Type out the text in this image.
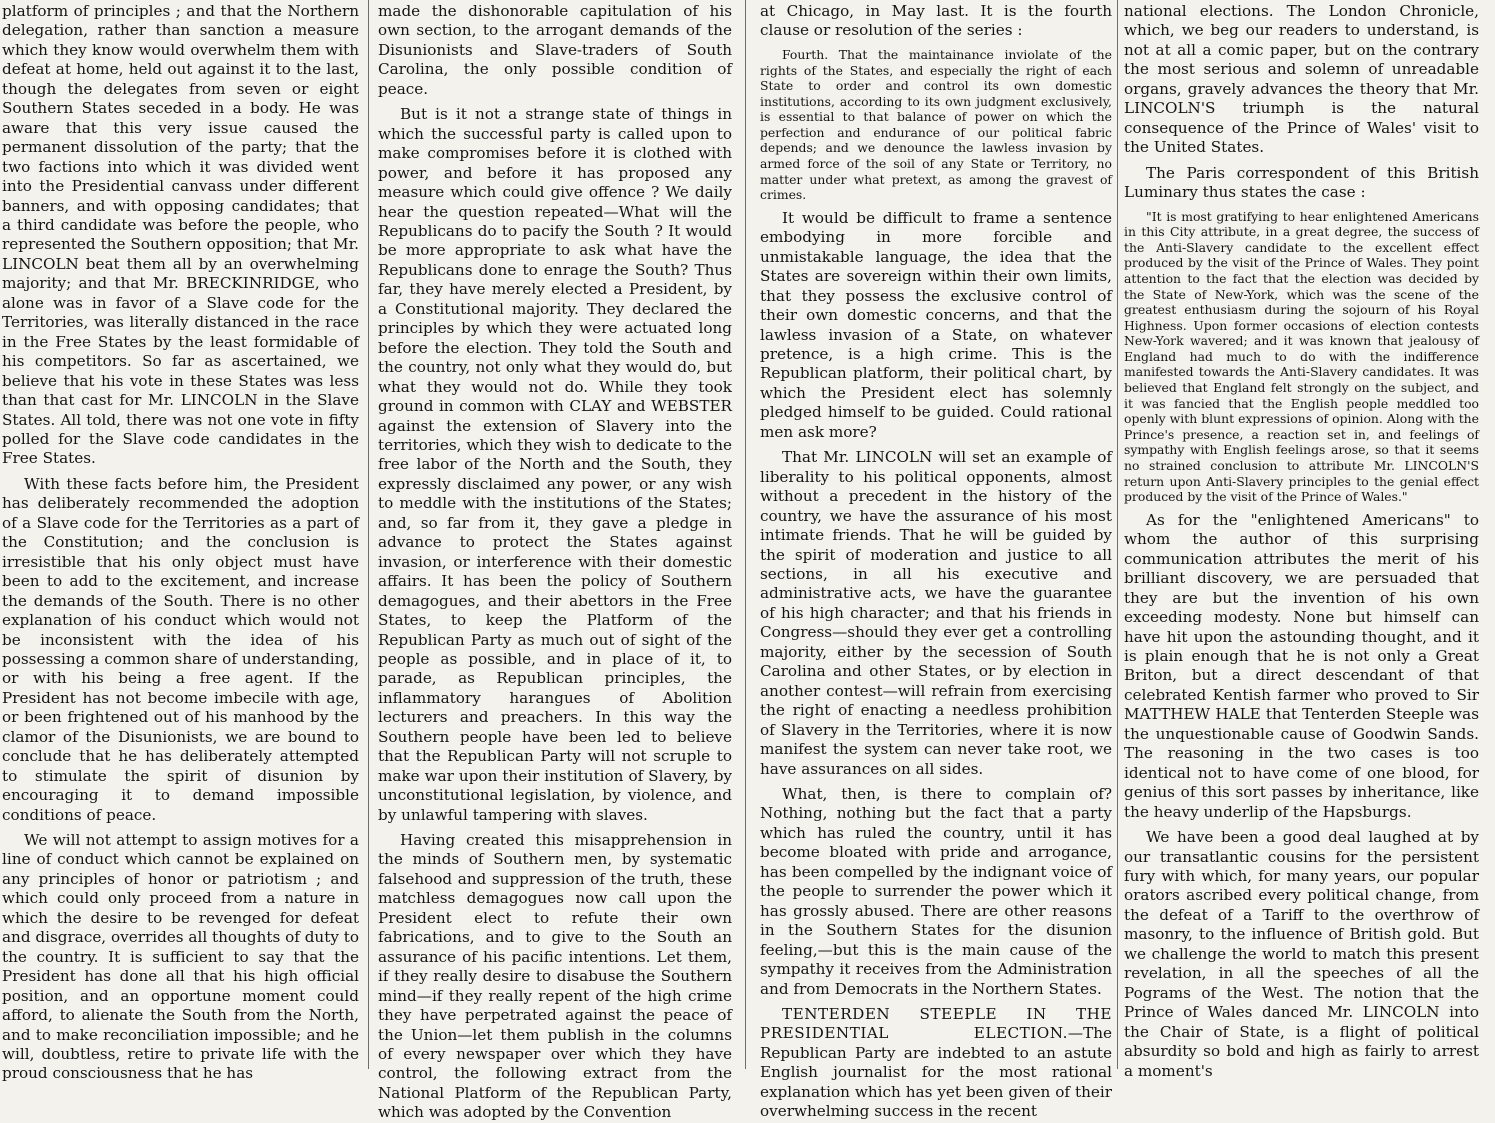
platform of principles ; and that the Northern delegation, rather than sanction a measure which they know would overwhelm them with defeat at home, held out against it to the last, though the delegates from seven or eight Southern States seceded in a body. He was aware that this very issue caused the permanent dissolution of the party; that the two factions into which it was divided went into the Presidential canvass under different banners, and with opposing candidates; that a third candidate was before the people, who represented the Southern opposition; that Mr. LINCOLN beat them all by an overwhelming majority; and that Mr. BRECKINRIDGE, who alone was in favor of a Slave code for the Territories, was literally distanced in the race in the Free States by the least formidable of his competitors. So far as ascertained, we believe that his vote in these States was less than that cast for Mr. LINCOLN in the Slave States. All told, there was not one vote in fifty polled for the Slave code candidates in the Free States.

With these facts before him, the President has deliberately recommended the adoption of a Slave code for the Territories as a part of the Constitution; and the conclusion is irresistible that his only object must have been to add to the excitement, and increase the demands of the South. There is no other explanation of his conduct which would not be inconsistent with the idea of his possessing a common share of understanding, or with his being a free agent. If the President has not become imbecile with age, or been frightened out of his manhood by the clamor of the Disunionists, we are bound to conclude that he has deliberately attempted to stimulate the spirit of disunion by encouraging it to demand impossible conditions of peace.

We will not attempt to assign motives for a line of conduct which cannot be explained on any principles of honor or patriotism ; and which could only proceed from a nature in which the desire to be revenged for defeat and disgrace, overrides all thoughts of duty to the country. It is sufficient to say that the President has done all that his high official position, and an opportune moment could afford, to alienate the South from the North, and to make reconciliation impossible; and he will, doubtless, retire to private life with the proud consciousness that he has

made the dishonorable capitulation of his own section, to the arrogant demands of the Disunionists and Slave-traders of South Carolina, the only possible condition of peace.

But is it not a strange state of things in which the successful party is called upon to make compromises before it is clothed with power, and before it has proposed any measure which could give offence ? We daily hear the question repeated—What will the Republicans do to pacify the South ? It would be more appropriate to ask what have the Republicans done to enrage the South? Thus far, they have merely elected a President, by a Constitutional majority. They declared the principles by which they were actuated long before the election. They told the South and the country, not only what they would do, but what they would not do. While they took ground in common with CLAY and WEBSTER against the extension of Slavery into the territories, which they wish to dedicate to the free labor of the North and the South, they expressly disclaimed any power, or any wish to meddle with the institutions of the States; and, so far from it, they gave a pledge in advance to protect the States against invasion, or interference with their domestic affairs. It has been the policy of Southern demagogues, and their abettors in the Free States, to keep the Platform of the Republican Party as much out of sight of the people as possible, and in place of it, to parade, as Republican principles, the inflammatory harangues of Abolition lecturers and preachers. In this way the Southern people have been led to believe that the Republican Party will not scruple to make war upon their institution of Slavery, by unconstitutional legislation, by violence, and by unlawful tampering with slaves.

Having created this misapprehension in the minds of Southern men, by systematic falsehood and suppression of the truth, these matchless demagogues now call upon the President elect to refute their own fabrications, and to give to the South an assurance of his pacific intentions. Let them, if they really desire to disabuse the Southern mind—if they really repent of the high crime they have perpetrated against the peace of the Union—let them publish in the columns of every newspaper over which they have control, the following extract from the National Platform of the Republican Party, which was adopted by the Convention

at Chicago, in May last. It is the fourth clause or resolution of the series :

Fourth. That the maintainance inviolate of the rights of the States, and especially the right of each State to order and control its own domestic institutions, according to its own judgment exclusively, is essential to that balance of power on which the perfection and endurance of our political fabric depends; and we denounce the lawless invasion by armed force of the soil of any State or Territory, no matter under what pretext, as among the gravest of crimes.

It would be difficult to frame a sentence embodying in more forcible and unmistakable language, the idea that the States are sovereign within their own limits, that they possess the exclusive control of their own domestic concerns, and that the lawless invasion of a State, on whatever pretence, is a high crime. This is the Republican platform, their political chart, by which the President elect has solemnly pledged himself to be guided. Could rational men ask more?

That Mr. LINCOLN will set an example of liberality to his political opponents, almost without a precedent in the history of the country, we have the assurance of his most intimate friends. That he will be guided by the spirit of moderation and justice to all sections, in all his executive and administrative acts, we have the guarantee of his high character; and that his friends in Congress—should they ever get a controlling majority, either by the secession of South Carolina and other States, or by election in another contest—will refrain from exercising the right of enacting a needless prohibition of Slavery in the Territories, where it is now manifest the system can never take root, we have assurances on all sides.

What, then, is there to complain of? Nothing, nothing but the fact that a party which has ruled the country, until it has become bloated with pride and arrogance, has been compelled by the indignant voice of the people to surrender the power which it has grossly abused. There are other reasons in the Southern States for the disunion feeling,—but this is the main cause of the sympathy it receives from the Administration and from Democrats in the Northern States.

TENTERDEN STEEPLE IN THE PRESIDENTIAL ELECTION.—The Republican Party are indebted to an astute English journalist for the most rational explanation which has yet been given of their overwhelming success in the recent

national elections. The London Chronicle, which, we beg our readers to understand, is not at all a comic paper, but on the contrary the most serious and solemn of unreadable organs, gravely advances the theory that Mr. LINCOLN'S triumph is the natural consequence of the Prince of Wales' visit to the United States.

The Paris correspondent of this British Luminary thus states the case :

"It is most gratifying to hear enlightened Americans in this City attribute, in a great degree, the success of the Anti-Slavery candidate to the excellent effect produced by the visit of the Prince of Wales. They point attention to the fact that the election was decided by the State of New-York, which was the scene of the greatest enthusiasm during the sojourn of his Royal Highness. Upon former occasions of election contests New-York wavered; and it was known that jealousy of England had much to do with the indifference manifested towards the Anti-Slavery candidates. It was believed that England felt strongly on the subject, and it was fancied that the English people meddled too openly with blunt expressions of opinion. Along with the Prince's presence, a reaction set in, and feelings of sympathy with English feelings arose, so that it seems no strained conclusion to attribute Mr. LINCOLN'S return upon Anti-Slavery principles to the genial effect produced by the visit of the Prince of Wales."

As for the "enlightened Americans" to whom the author of this surprising communication attributes the merit of his brilliant discovery, we are persuaded that they are but the invention of his own exceeding modesty. None but himself can have hit upon the astounding thought, and it is plain enough that he is not only a Great Briton, but a direct descendant of that celebrated Kentish farmer who proved to Sir MATTHEW HALE that Tenterden Steeple was the unquestionable cause of Goodwin Sands. The reasoning in the two cases is too identical not to have come of one blood, for genius of this sort passes by inheritance, like the heavy underlip of the Hapsburgs.

We have been a good deal laughed at by our transatlantic cousins for the persistent fury with which, for many years, our popular orators ascribed every political change, from the defeat of a Tariff to the overthrow of masonry, to the influence of British gold. But we challenge the world to match this present revelation, in all the speeches of all the Pograms of the West. The notion that the Prince of Wales danced Mr. LINCOLN into the Chair of State, is a flight of political absurdity so bold and high as fairly to arrest a moment's
